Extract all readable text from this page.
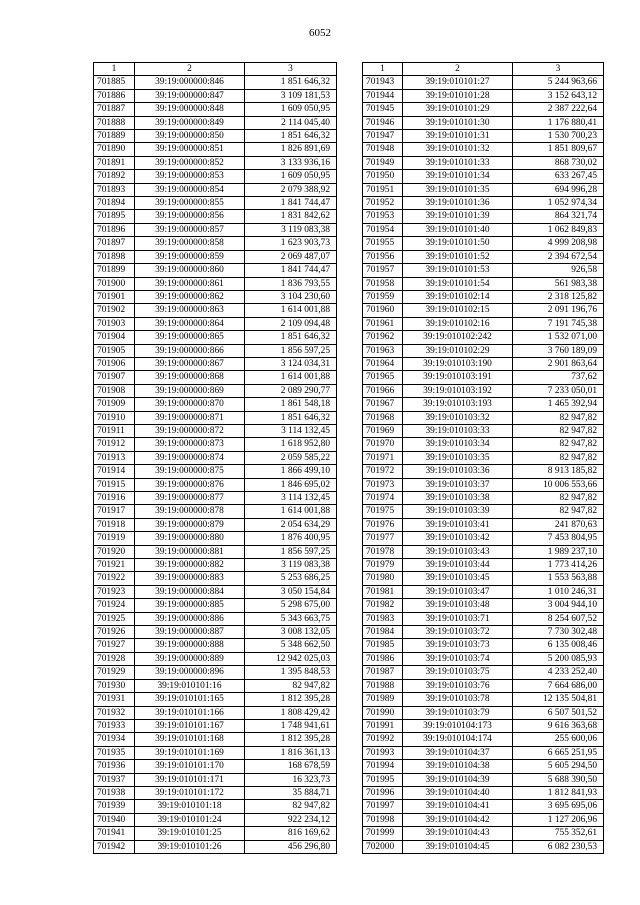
6052
1	2	3
701885	39:19:000000:846	1 851 646,32
701886	39:19:000000:847	3 109 181,53
701887	39:19:000000:848	1 609 050,95
701888	39:19:000000:849	2 114 045,40
701889	39:19:000000:850	1 851 646,32
701890	39:19:000000:851	1 826 891,69
701891	39:19:000000:852	3 133 936,16
701892	39:19:000000:853	1 609 050,95
701893	39:19:000000:854	2 079 388,92
701894	39:19:000000:855	1 841 744,47
701895	39:19:000000:856	1 831 842,62
701896	39:19:000000:857	3 119 083,38
701897	39:19:000000:858	1 623 903,73
701898	39:19:000000:859	2 069 487,07
701899	39:19:000000:860	1 841 744,47
701900	39:19:000000:861	1 836 793,55
701901	39:19:000000:862	3 104 230,60
701902	39:19:000000:863	1 614 001,88
701903	39:19:000000:864	2 109 094,48
701904	39:19:000000:865	1 851 646,32
701905	39:19:000000:866	1 856 597,25
701906	39:19:000000:867	3 124 034,31
701907	39:19:000000:868	1 614 001,88
701908	39:19:000000:869	2 089 290,77
701909	39:19:000000:870	1 861 548,18
701910	39:19:000000:871	1 851 646,32
701911	39:19:000000:872	3 114 132,45
701912	39:19:000000:873	1 618 952,80
701913	39:19:000000:874	2 059 585,22
701914	39:19:000000:875	1 866 499,10
701915	39:19:000000:876	1 846 695,02
701916	39:19:000000:877	3 114 132,45
701917	39:19:000000:878	1 614 001,88
701918	39:19:000000:879	2 054 634,29
701919	39:19:000000:880	1 876 400,95
701920	39:19:000000:881	1 856 597,25
701921	39:19:000000:882	3 119 083,38
701922	39:19:000000:883	5 253 686,25
701923	39:19:000000:884	3 050 154,84
701924	39:19:000000:885	5 298 675,00
701925	39:19:000000:886	5 343 663,75
701926	39:19:000000:887	3 008 132,05
701927	39:19:000000:888	5 348 662,50
701928	39:19:000000:889	12 942 025,03
701929	39:19:000000:896	1 395 848,53
701930	39:19:010101:16	82 947,82
701931	39:19:010101:165	1 812 395,28
701932	39:19:010101:166	1 808 429,42
701933	39:19:010101:167	1 748 941,61
701934	39:19:010101:168	1 812 395,28
701935	39:19:010101:169	1 816 361,13
701936	39:19:010101:170	168 678,59
701937	39:19:010101:171	16 323,73
701938	39:19:010101:172	35 884,71
701939	39:19:010101:18	82 947,82
701940	39:19:010101:24	922 234,12
701941	39:19:010101:25	816 169,62
701942	39:19:010101:26	456 296,80
1	2	3
701943	39:19:010101:27	5 244 963,66
701944	39:19:010101:28	3 152 643,12
701945	39:19:010101:29	2 387 222,64
701946	39:19:010101:30	1 176 880,41
701947	39:19:010101:31	1 530 700,23
701948	39:19:010101:32	1 851 809,67
701949	39:19:010101:33	868 730,02
701950	39:19:010101:34	633 267,45
701951	39:19:010101:35	694 996,28
701952	39:19:010101:36	1 052 974,34
701953	39:19:010101:39	864 321,74
701954	39:19:010101:40	1 062 849,83
701955	39:19:010101:50	4 999 208,98
701956	39:19:010101:52	2 394 672,54
701957	39:19:010101:53	926,58
701958	39:19:010101:54	561 983,38
701959	39:19:010102:14	2 318 125,82
701960	39:19:010102:15	2 091 196,76
701961	39:19:010102:16	7 191 745,38
701962	39:19:010102:242	1 532 071,00
701963	39:19:010102:29	3 760 189,09
701964	39:19:010103:190	2 901 863,64
701965	39:19:010103:191	737,62
701966	39:19:010103:192	7 233 050,01
701967	39:19:010103:193	1 465 392,94
701968	39:19:010103:32	82 947,82
701969	39:19:010103:33	82 947,82
701970	39:19:010103:34	82 947,82
701971	39:19:010103:35	82 947,82
701972	39:19:010103:36	8 913 185,82
701973	39:19:010103:37	10 006 553,66
701974	39:19:010103:38	82 947,82
701975	39:19:010103:39	82 947,82
701976	39:19:010103:41	241 870,63
701977	39:19:010103:42	7 453 804,95
701978	39:19:010103:43	1 989 237,10
701979	39:19:010103:44	1 773 414,26
701980	39:19:010103:45	1 553 563,88
701981	39:19:010103:47	1 010 246,31
701982	39:19:010103:48	3 004 944,10
701983	39:19:010103:71	8 254 607,52
701984	39:19:010103:72	7 730 302,48
701985	39:19:010103:73	6 135 008,46
701986	39:19:010103:74	5 200 085,93
701987	39:19:010103:75	4 233 252,40
701988	39:19:010103:76	7 664 686,00
701989	39:19:010103:78	12 135 504,81
701990	39:19:010103:79	6 507 501,52
701991	39:19:010104:173	9 616 363,68
701992	39:19:010104:174	255 600,06
701993	39:19:010104:37	6 665 251,95
701994	39:19:010104:38	5 605 294,50
701995	39:19:010104:39	5 688 390,50
701996	39:19:010104:40	1 812 841,93
701997	39:19:010104:41	3 695 695,06
701998	39:19:010104:42	1 127 206,96
701999	39:19:010104:43	755 352,61
702000	39:19:010104:45	6 082 230,53
